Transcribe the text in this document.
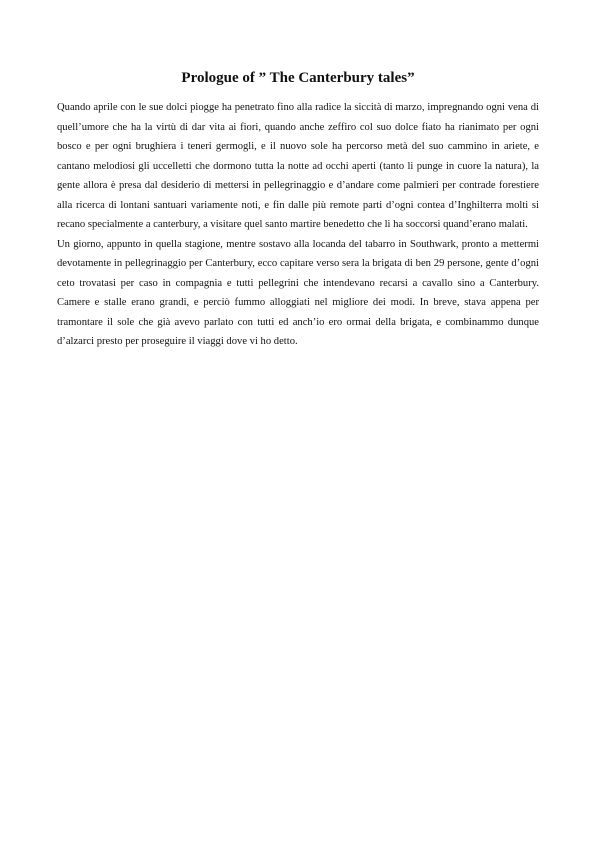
Prologue of ” The Canterbury tales”

Quando aprile con le sue dolci piogge ha penetrato fino alla radice la siccità di marzo, impregnando ogni vena di quell’umore che ha la virtù di dar vita ai fiori, quando anche zeffiro col suo dolce fiato ha rianimato per ogni bosco e per ogni brughiera i teneri germogli, e il nuovo sole ha percorso metà del suo cammino in ariete, e cantano melodiosi gli uccelletti che dormono tutta la notte ad occhi aperti (tanto li punge in cuore la natura), la gente allora è presa dal desiderio di mettersi in pellegrinaggio e d’andare come palmieri per contrade forestiere alla ricerca di lontani santuari variamente noti, e fin dalle più remote parti d’ogni contea d’Inghilterra molti si recano specialmente a canterbury, a visitare quel santo martire benedetto che li ha soccorsi quand’erano malati.

Un giorno, appunto in quella stagione, mentre sostavo alla locanda del tabarro in Southwark, pronto a mettermi devotamente in pellegrinaggio per Canterbury, ecco capitare verso sera la brigata di ben 29 persone, gente d’ogni ceto trovatasi per caso in compagnia e tutti pellegrini che intendevano recarsi a cavallo sino a Canterbury. Camere e stalle erano grandi, e perciò fummo alloggiati nel migliore dei modi. In breve, stava appena per tramontare il sole che già avevo parlato con tutti ed anch’io ero ormai della brigata, e combinammo dunque d’alzarci presto per proseguire il viaggi dove vi ho detto.
